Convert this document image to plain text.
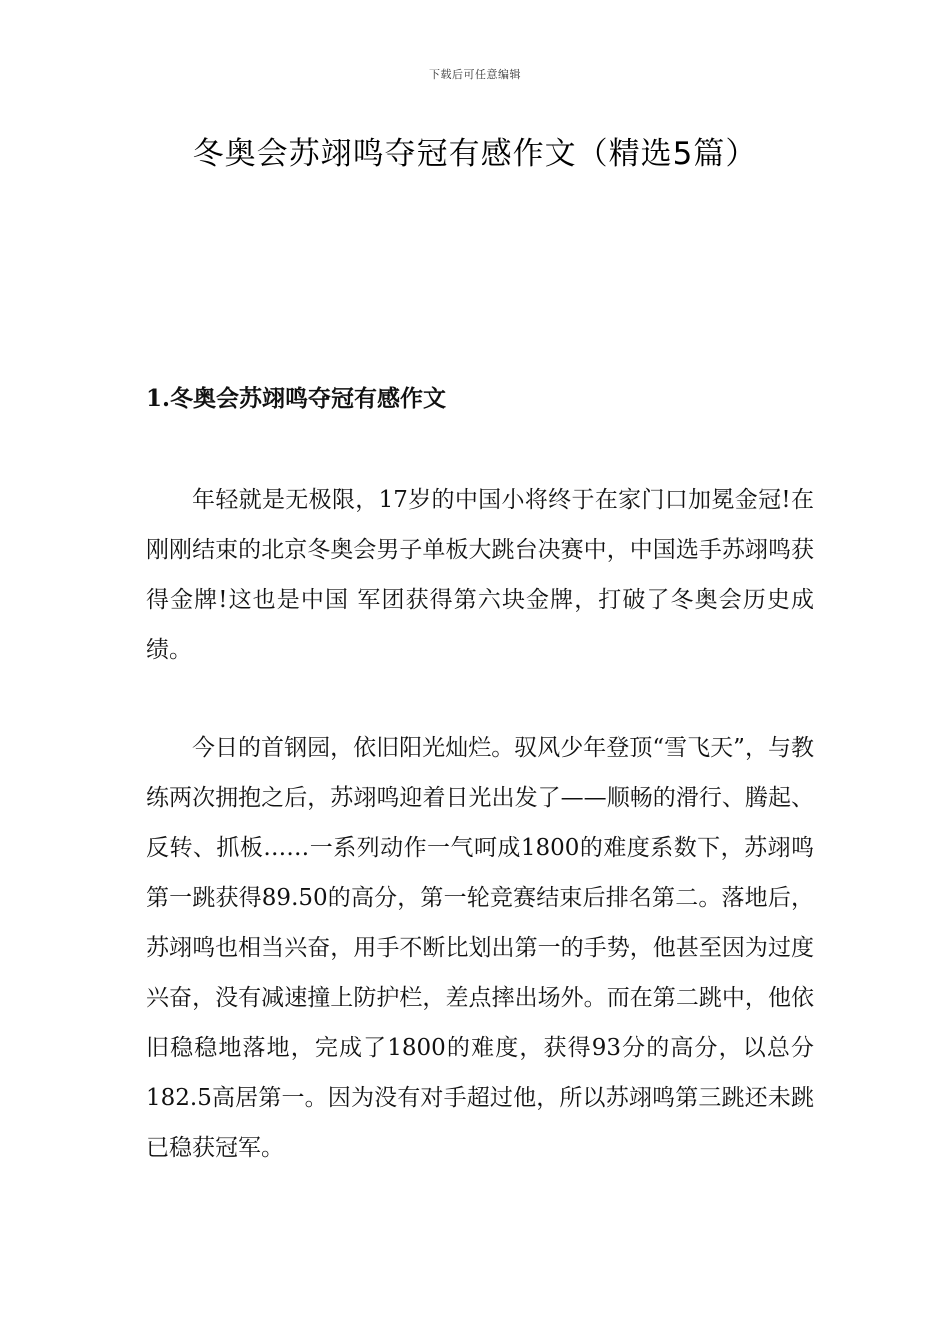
下载后可任意编辑
冬奥会苏翊鸣夺冠有感作文（精选5篇）
1.冬奥会苏翊鸣夺冠有感作文

年轻就是无极限，17岁的中国小将终于在家门口加冕金冠!在刚刚结束的北京冬奥会男子单板大跳台决赛中，中国选手苏翊鸣获得金牌!这也是中国 军团获得第六块金牌，打破了冬奥会历史成绩。

今日的首钢园，依旧阳光灿烂。驭风少年登顶“雪飞天”，与教练两次拥抱之后，苏翊鸣迎着日光出发了——顺畅的滑行、腾起、反转、抓板……一系列动作一气呵成1800的难度系数下，苏翊鸣第一跳获得89.50的高分，第一轮竞赛结束后排名第二。落地后，苏翊鸣也相当兴奋，用手不断比划出第一的手势，他甚至因为过度兴奋，没有减速撞上防护栏，差点摔出场外。而在第二跳中，他依旧稳稳地落地，完成了1800的难度，获得93分的高分，以总分182.5高居第一。因为没有对手超过他，所以苏翊鸣第三跳还未跳已稳获冠军。
